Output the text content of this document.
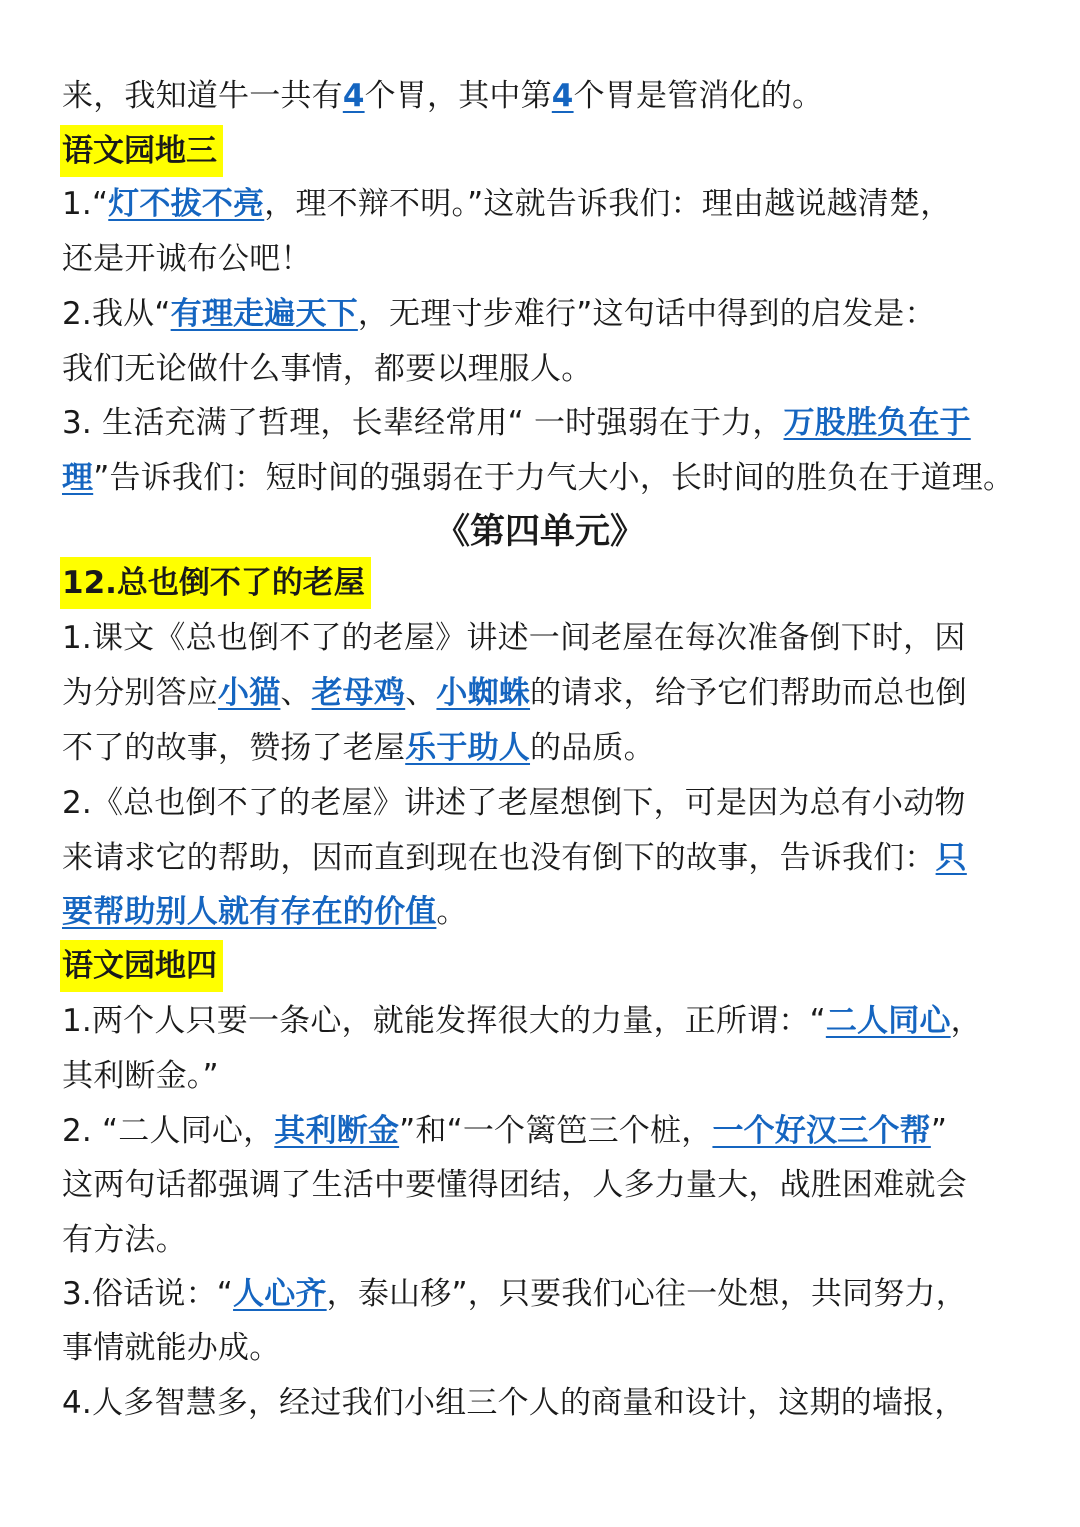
来，我知道牛一共有4个胃，其中第4个胃是管消化的。
语文园地三
1.“灯不拔不亮，理不辩不明。”这就告诉我们：理由越说越清楚，
还是开诚布公吧！
2.我从“有理走遍天下，无理寸步难行”这句话中得到的启发是：
我们无论做什么事情，都要以理服人。
3. 生活充满了哲理，长辈经常用“ 一时强弱在于力，万股胜负在于
理”告诉我们：短时间的强弱在于力气大小，长时间的胜负在于道理。
《第四单元》
12.总也倒不了的老屋
1.课文《总也倒不了的老屋》讲述一间老屋在每次准备倒下时，因
为分别答应小猫、老母鸡、小蜘蛛的请求，给予它们帮助而总也倒
不了的故事，赞扬了老屋乐于助人的品质。
2.《总也倒不了的老屋》讲述了老屋想倒下，可是因为总有小动物
来请求它的帮助，因而直到现在也没有倒下的故事，告诉我们：只
要帮助别人就有存在的价值。
语文园地四
1.两个人只要一条心，就能发挥很大的力量，正所谓：“二人同心，
其利断金。”
2. “二人同心，其利断金”和“一个篱笆三个桩，一个好汉三个帮”
这两句话都强调了生活中要懂得团结，人多力量大，战胜困难就会
有方法。
3.俗话说：“人心齐，泰山移”，只要我们心往一处想，共同努力，
事情就能办成。
4.人多智慧多，经过我们小组三个人的商量和设计，这期的墙报，
